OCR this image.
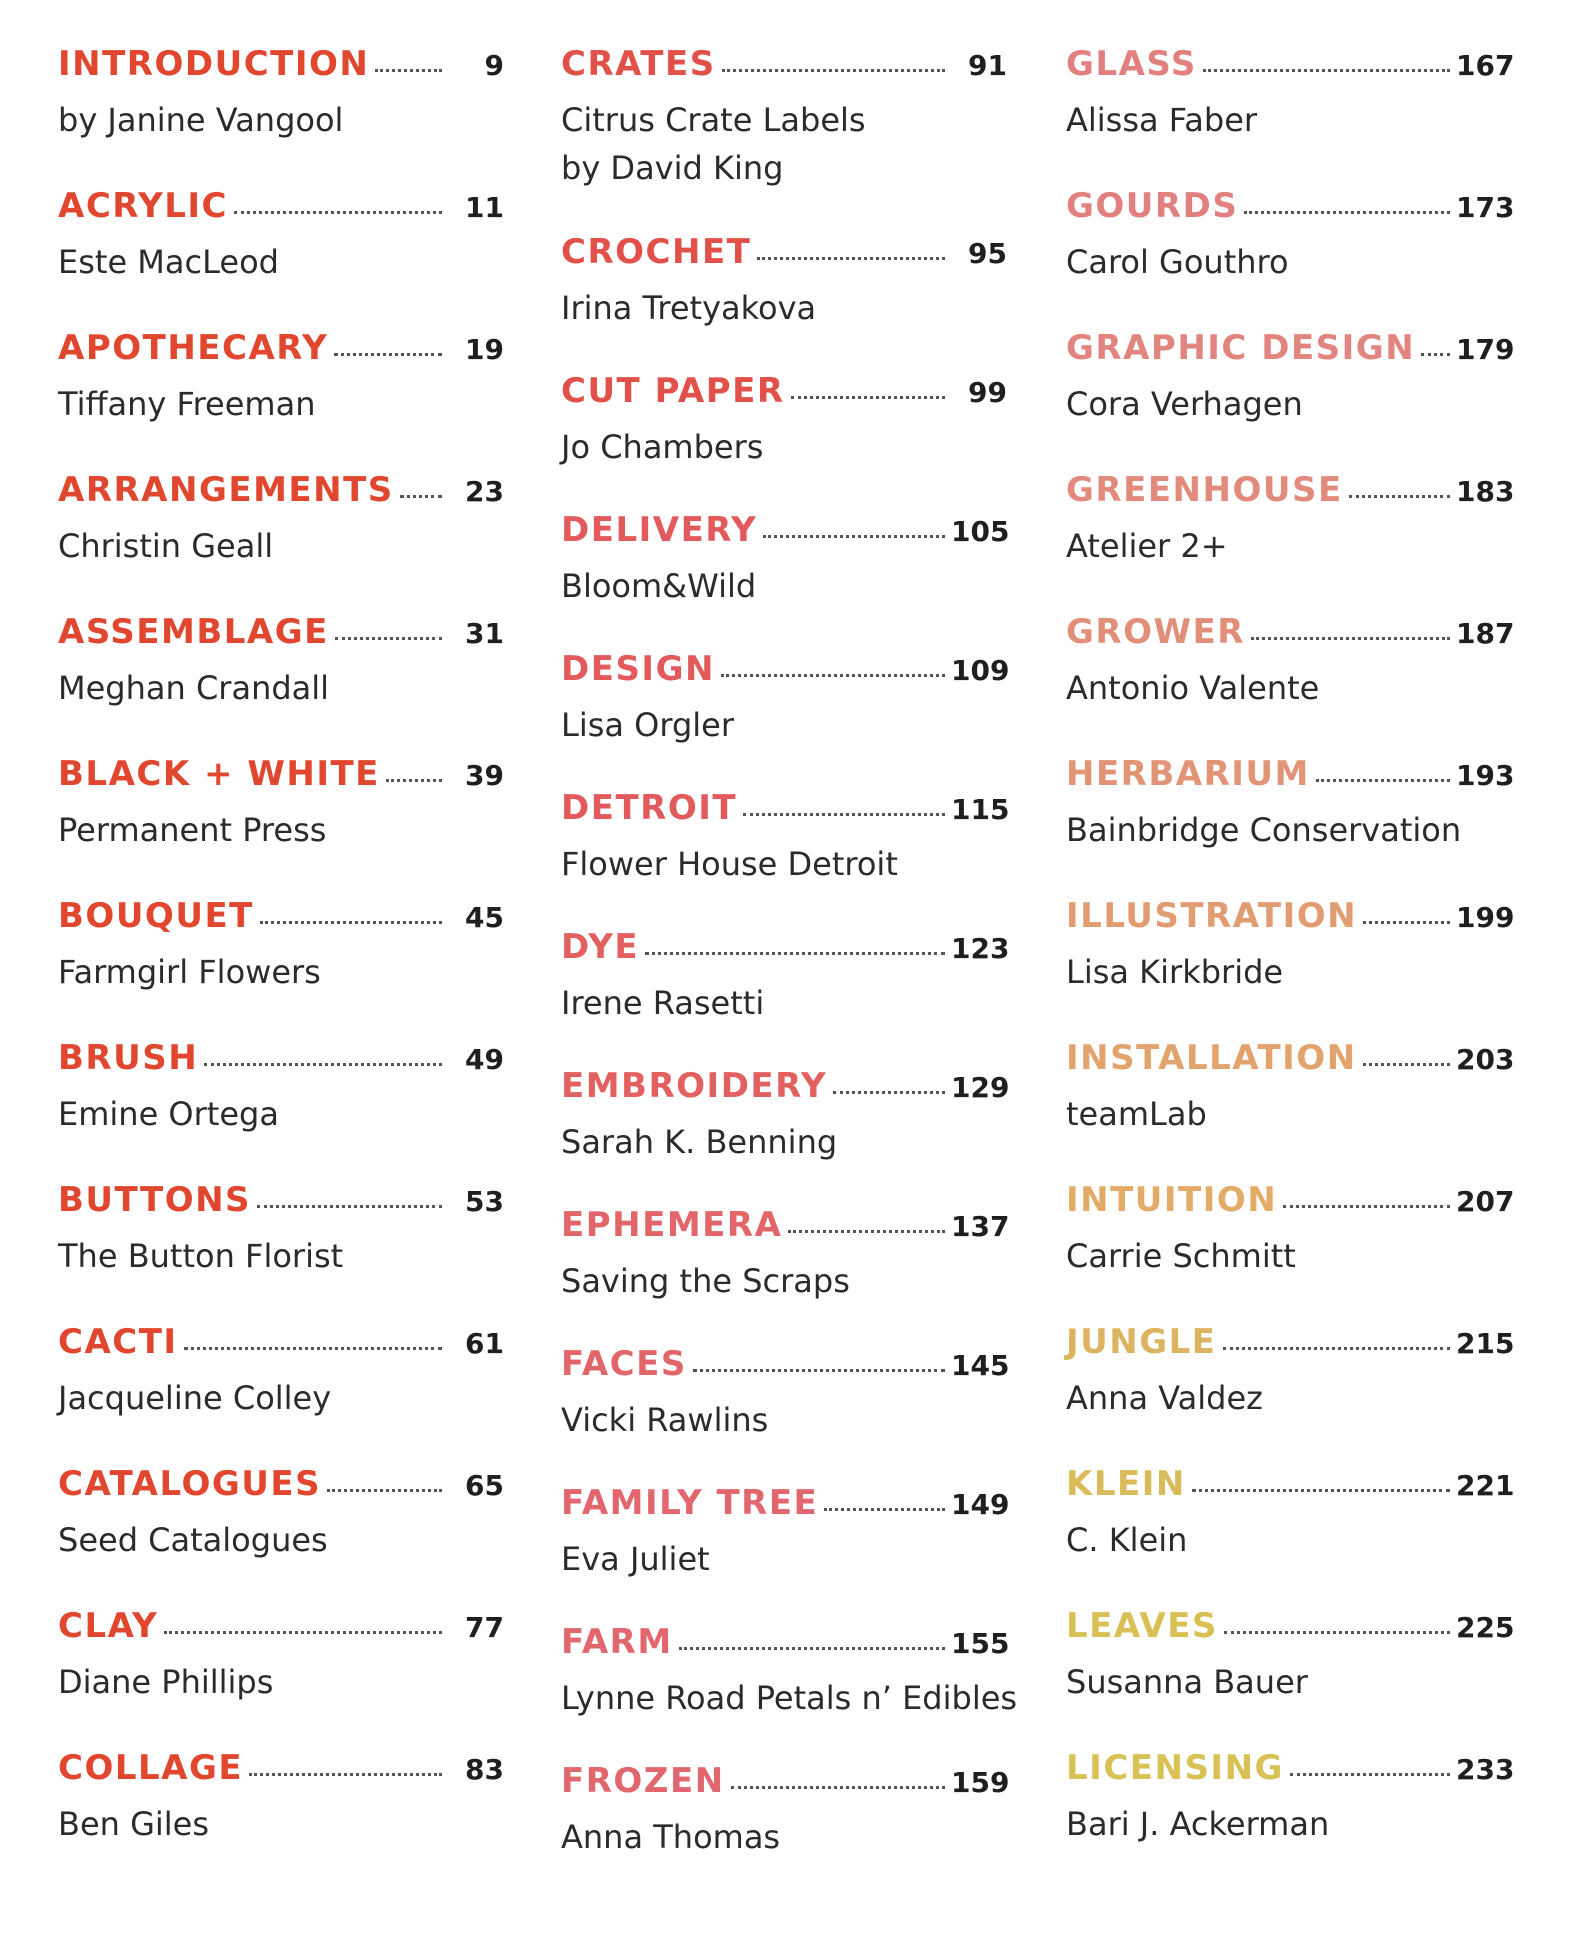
INTRODUCTION	9
by Janine Vangool
ACRYLIC	11
Este MacLeod
APOTHECARY	19
Tiffany Freeman
ARRANGEMENTS	23
Christin Geall
ASSEMBLAGE	31
Meghan Crandall
BLACK + WHITE	39
Permanent Press
BOUQUET	45
Farmgirl Flowers
BRUSH	49
Emine Ortega
BUTTONS	53
The Button Florist
CACTI	61
Jacqueline Colley
CATALOGUES	65
Seed Catalogues
CLAY	77
Diane Phillips
COLLAGE	83
Ben Giles
CRATES	91
Citrus Crate Labels
by David King
CROCHET	95
Irina Tretyakova
CUT PAPER	99
Jo Chambers
DELIVERY	105
Bloom&Wild
DESIGN	109
Lisa Orgler
DETROIT	115
Flower House Detroit
DYE	123
Irene Rasetti
EMBROIDERY	129
Sarah K. Benning
EPHEMERA	137
Saving the Scraps
FACES	145
Vicki Rawlins
FAMILY TREE	149
Eva Juliet
FARM	155
Lynne Road Petals n’ Edibles
FROZEN	159
Anna Thomas
GLASS	167
Alissa Faber
GOURDS	173
Carol Gouthro
GRAPHIC DESIGN 179
Cora Verhagen
GREENHOUSE	183
Atelier 2+
GROWER	187
Antonio Valente
HERBARIUM	193
Bainbridge Conservation
ILLUSTRATION	199
Lisa Kirkbride
INSTALLATION	203
teamLab
INTUITION	207
Carrie Schmitt
JUNGLE	215
Anna Valdez
KLEIN	221
C. Klein
LEAVES	225
Susanna Bauer
LICENSING	233
Bari J. Ackerman
